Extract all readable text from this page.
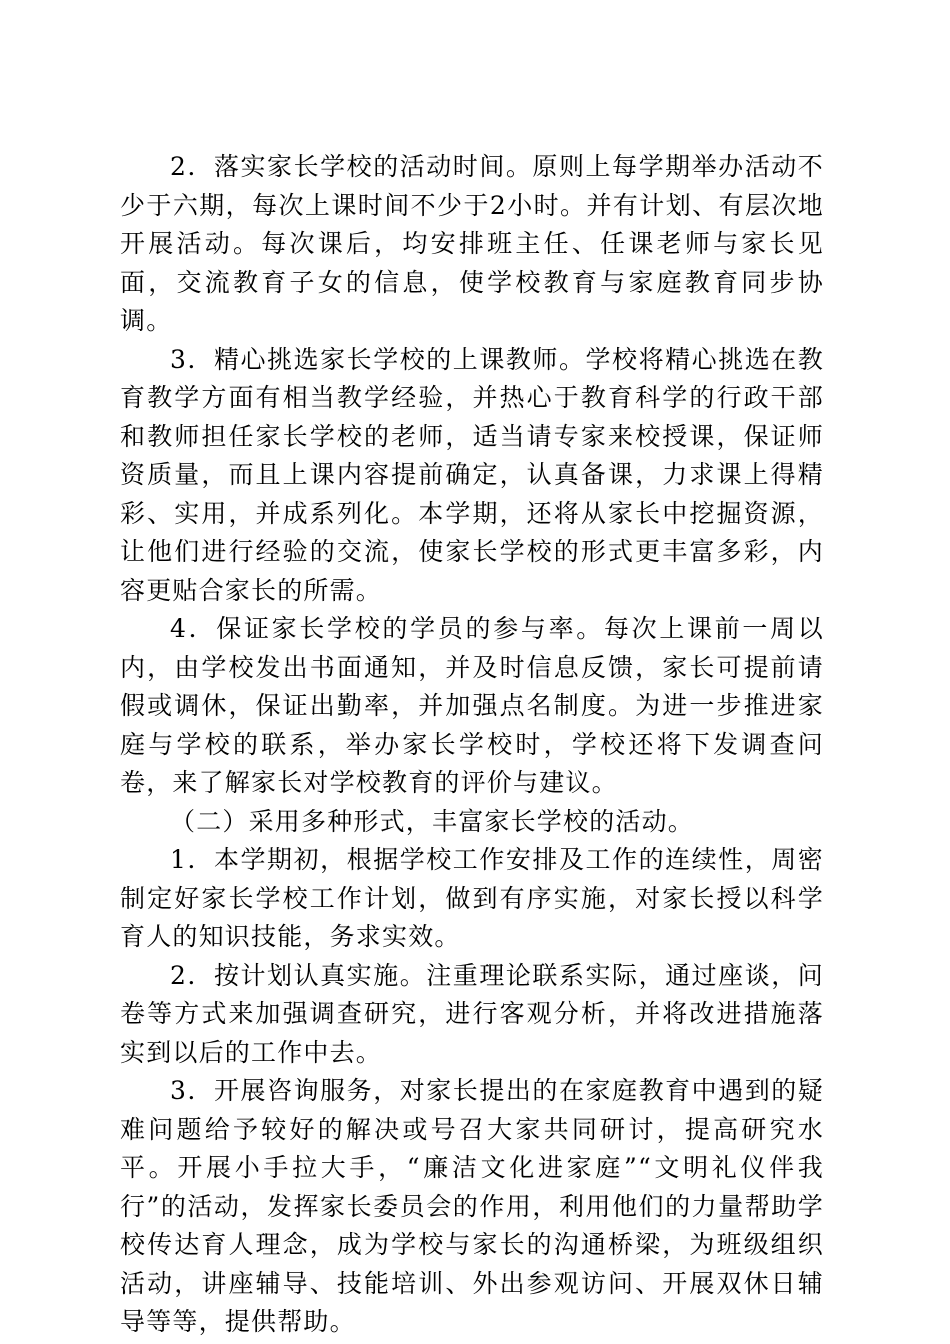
2．落实家长学校的活动时间。原则上每学期举办活动不少于六期，每次上课时间不少于2小时。并有计划、有层次地开展活动。每次课后，均安排班主任、任课老师与家长见面，交流教育子女的信息，使学校教育与家庭教育同步协调。

3．精心挑选家长学校的上课教师。学校将精心挑选在教育教学方面有相当教学经验，并热心于教育科学的行政干部和教师担任家长学校的老师，适当请专家来校授课，保证师资质量，而且上课内容提前确定，认真备课，力求课上得精彩、实用，并成系列化。本学期，还将从家长中挖掘资源，让他们进行经验的交流，使家长学校的形式更丰富多彩，内容更贴合家长的所需。

4．保证家长学校的学员的参与率。每次上课前一周以内，由学校发出书面通知，并及时信息反馈，家长可提前请假或调休，保证出勤率，并加强点名制度。为进一步推进家庭与学校的联系，举办家长学校时，学校还将下发调查问卷，来了解家长对学校教育的评价与建议。

（二）采用多种形式，丰富家长学校的活动。

1．本学期初，根据学校工作安排及工作的连续性，周密制定好家长学校工作计划，做到有序实施，对家长授以科学育人的知识技能，务求实效。

2．按计划认真实施。注重理论联系实际，通过座谈，问卷等方式来加强调查研究，进行客观分析，并将改进措施落实到以后的工作中去。

3．开展咨询服务，对家长提出的在家庭教育中遇到的疑难问题给予较好的解决或号召大家共同研讨，提高研究水平。开展小手拉大手，“廉洁文化进家庭”“文明礼仪伴我行”的活动，发挥家长委员会的作用，利用他们的力量帮助学校传达育人理念，成为学校与家长的沟通桥梁，为班级组织活动，讲座辅导、技能培训、外出参观访问、开展双休日辅导等等，提供帮助。
